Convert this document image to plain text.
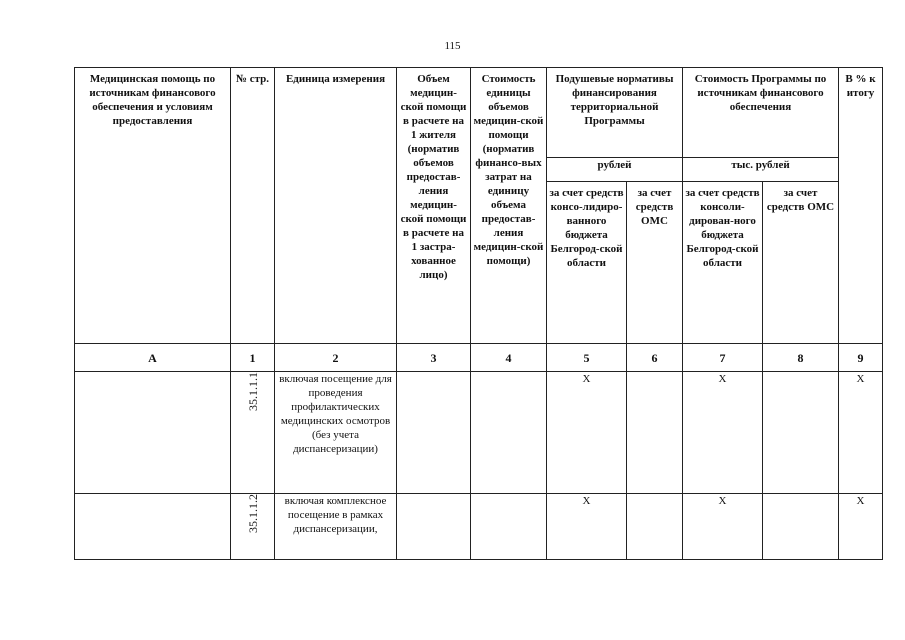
115
Медицинская помощь по источникам финансового обеспечения и условиям предоставления	№ стр.	Единица измерения	Объем медицин-ской помощи в расчете на 1 жителя (норматив объемов предостав-ления медицин-ской помощи в расчете на 1 застра-хованное лицо)	Стоимость единицы объемов медицин-ской помощи (норматив финансо-вых затрат на единицу объема предостав-ления медицин-ской помощи)	Подушевые нормативы финансирования территориальной Программы		Стоимость Программы по источникам финансового обеспечения		В % к итогу
					рублей		тыс. рублей		
					за счет средств консо-лидиро-ванного бюджета Белгород-ской области	за счет средств ОМС	за счет средств консоли-дирован-ного бюджета Белгород-ской области	за счет средств ОМС	
А	1	2	3	4	5	6	7	8	9
	35.1.1.1	включая посещение для проведения профилактических медицинских осмотров (без учета диспансеризации)			Х		Х		Х
	35.1.1.2	включая комплексное посещение в рамках диспансеризации,			Х		Х		Х
